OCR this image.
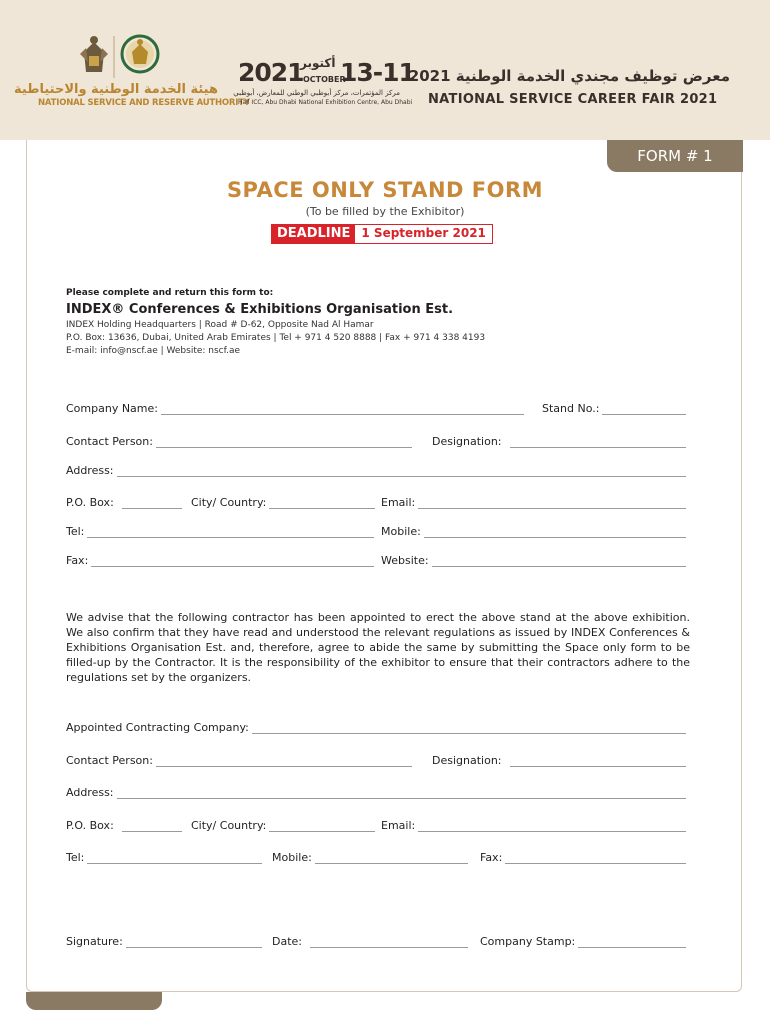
هيئة الخدمة الوطنية والاحتياطية
NATIONAL SERVICE AND RESERVE AUTHORITY
2021
أكتوبر
OCTOBER
13-11
مركز المؤتمرات، مركز أبوظبي الوطني للمعارض، أبوظبي
Hall ICC, Abu Dhabi National Exhibition Centre, Abu Dhabi
معرض توظيف مجندي الخدمة الوطنية 2021
NATIONAL SERVICE CAREER FAIR 2021
FORM # 1
SPACE ONLY STAND FORM
(To be filled by the Exhibitor)
DEADLINE 1 September 2021
Please complete and return this form to:
INDEX® Conferences & Exhibitions Organisation Est.
INDEX Holding Headquarters | Road # D-62, Opposite Nad Al Hamar
P.O. Box: 13636, Dubai, United Arab Emirates | Tel + 971 4 520 8888 | Fax + 971 4 338 4193
E-mail: info@nscf.ae | Website: nscf.ae
Company Name:	Stand No.:
Contact Person:	Designation:
Address:
P.O. Box:	City/ Country:	Email:
Tel:	Mobile:
Fax:	Website:
We advise that the following contractor has been appointed to erect the above stand at the above exhibition. We also confirm that they have read and understood the relevant regulations as issued by INDEX Conferences & Exhibitions Organisation Est. and, therefore, agree to abide the same by submitting the Space only form to be filled-up by the Contractor. It is the responsibility of the exhibitor to ensure that their contractors adhere to the regulations set by the organizers.
Appointed Contracting Company:
Contact Person:	Designation:
Address:
P.O. Box:	City/ Country:	Email:
Tel:	Mobile:	Fax:
Signature:	Date:	Company Stamp:
